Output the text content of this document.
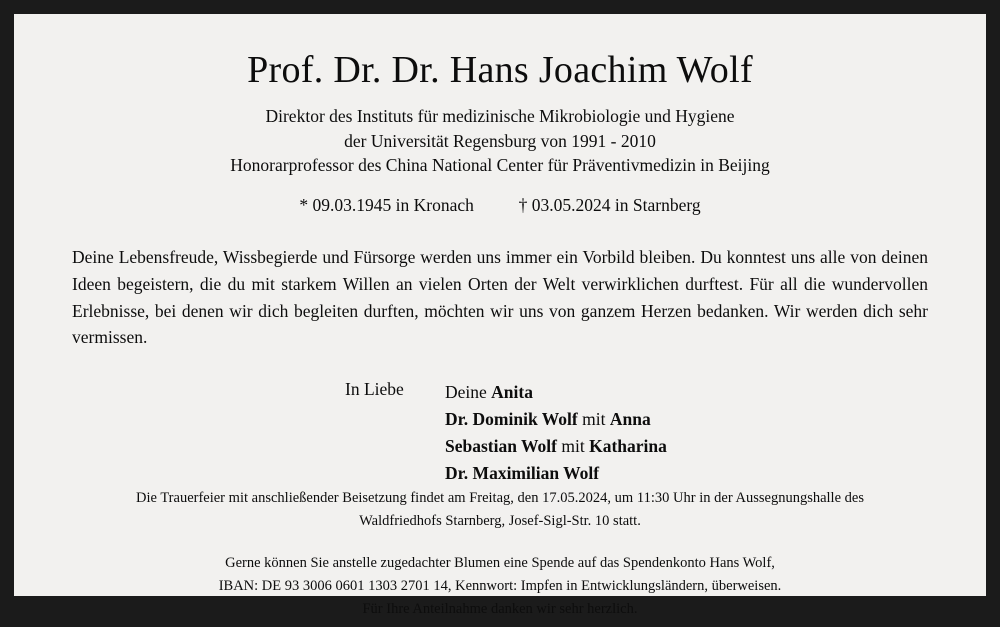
Prof. Dr. Dr. Hans Joachim Wolf
Direktor des Instituts für medizinische Mikrobiologie und Hygiene
der Universität Regensburg von 1991 - 2010
Honorarprofessor des China National Center für Präventivmedizin in Beijing
* 09.03.1945 in Kronach	† 03.05.2024 in Starnberg

Deine Lebensfreude, Wissbegierde und Fürsorge werden uns immer ein Vorbild bleiben. Du konntest uns alle von deinen Ideen begeistern, die du mit starkem Willen an vielen Orten der Welt verwirklichen durftest. Für all die wundervollen Erlebnisse, bei denen wir dich begleiten durften, möchten wir uns von ganzem Herzen bedanken. Wir werden dich sehr vermissen.

In Liebe	Deine Anita
Dr. Dominik Wolf mit Anna
Sebastian Wolf mit Katharina
Dr. Maximilian Wolf
Die Trauerfeier mit anschließender Beisetzung findet am Freitag, den 17.05.2024, um 11:30 Uhr in der Aussegnungshalle des Waldfriedhofs Starnberg, Josef-Sigl-Str. 10 statt.
Gerne können Sie anstelle zugedachter Blumen eine Spende auf das Spendenkonto Hans Wolf,
IBAN: DE 93 3006 0601 1303 2701 14, Kennwort: Impfen in Entwicklungsländern, überweisen.
Für Ihre Anteilnahme danken wir sehr herzlich.
